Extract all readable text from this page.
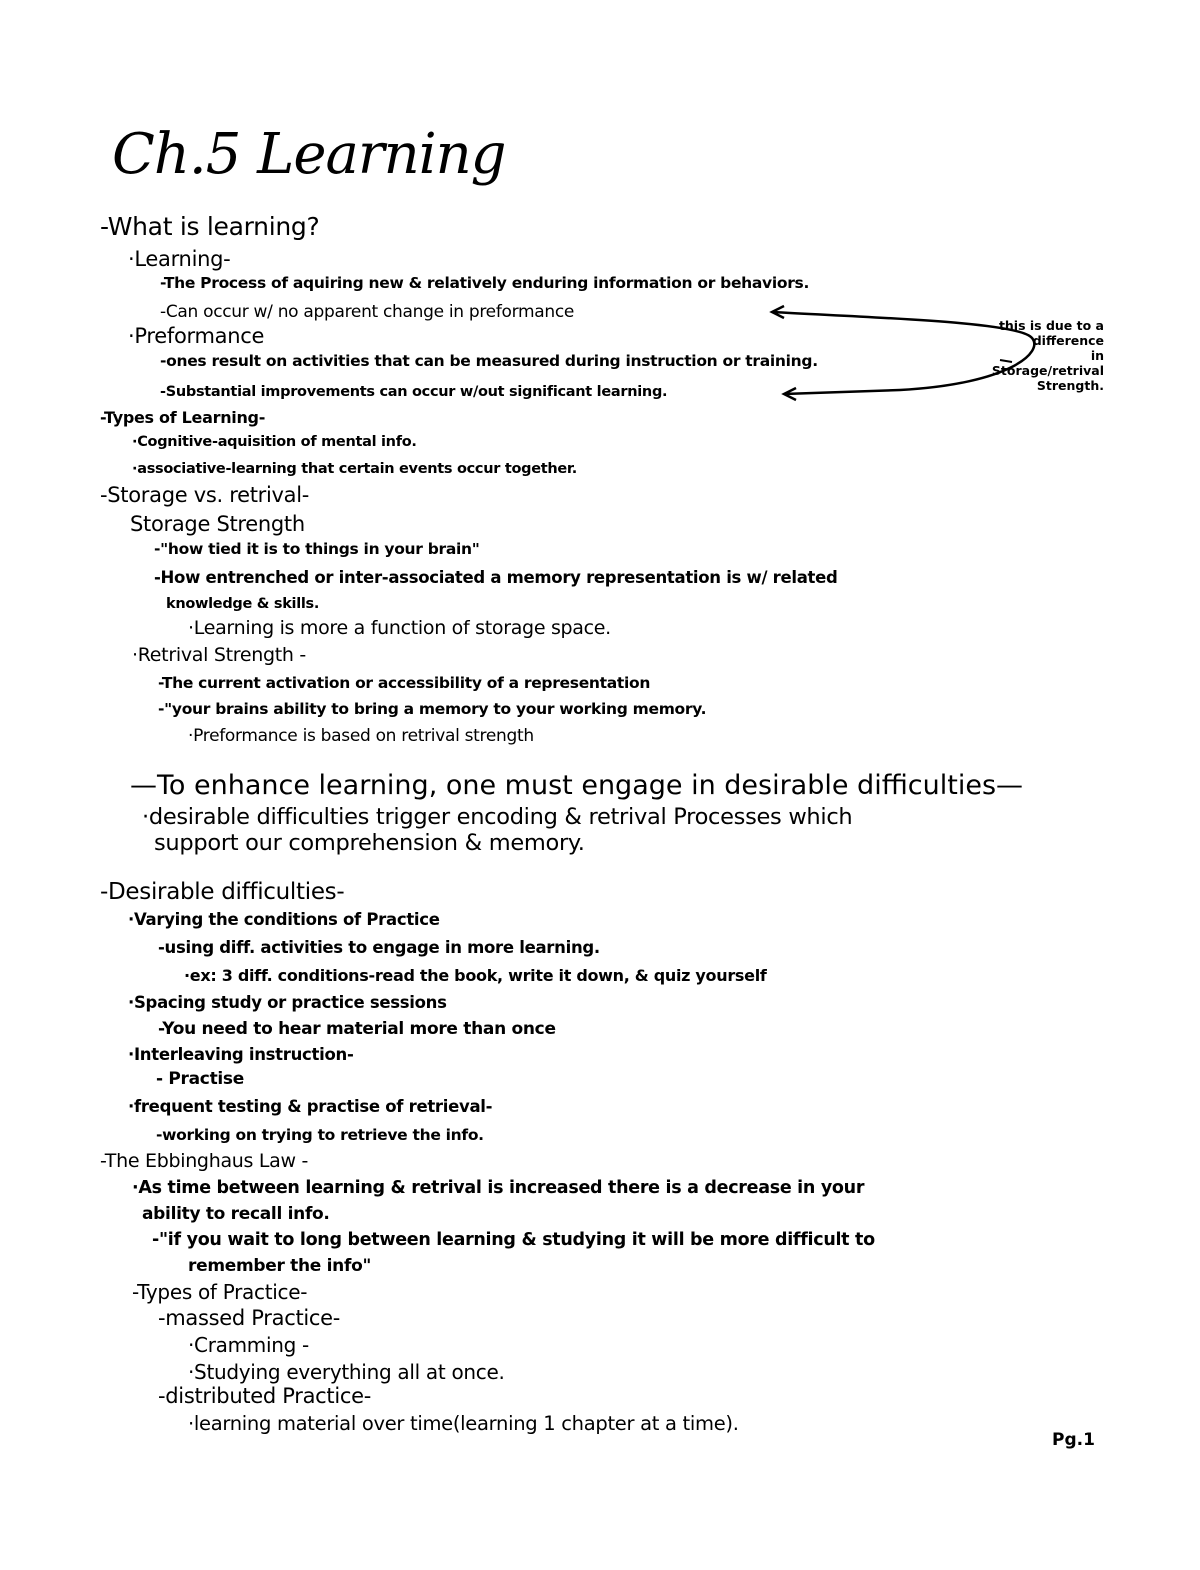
Ch.5 Learning
-What is learning?
·Learning-
-The Process of aquiring new & relatively enduring information or behaviors.
-Can occur w/ no apparent change in preformance
·Preformance
-ones result on activities that can be measured during instruction or training.
-Substantial improvements can occur w/out significant learning.
-Types of Learning-
·Cognitive-aquisition of mental info.
·associative-learning that certain events occur together.
-Storage vs. retrival-
Storage Strength
-"how tied it is to things in your brain"
-How entrenched or inter-associated a memory representation is w/ related
knowledge & skills.
·Learning is more a function of storage space.
·Retrival Strength -
-The current activation or accessibility of a representation
-"your brains ability to bring a memory to your working memory.
·Preformance is based on retrival strength
—To enhance learning, one must engage in desirable difficulties—
·desirable difficulties trigger encoding & retrival Processes which
support our comprehension & memory.
-Desirable difficulties-
·Varying the conditions of Practice
-using diff. activities to engage in more learning.
·ex: 3 diff. conditions-read the book, write it down, & quiz yourself
·Spacing study or practice sessions
-You need to hear material more than once
·Interleaving instruction-
- Practise
·frequent testing & practise of retrieval-
-working on trying to retrieve the info.
-The Ebbinghaus Law -
·As time between learning & retrival is increased there is a decrease in your
ability to recall info.
-"if you wait to long between learning & studying it will be more difficult to
remember the info"
-Types of Practice-
-massed Practice-
·Cramming -
·Studying everything all at once.
-distributed Practice-
·learning material over time(learning 1 chapter at a time).
this is due to a
difference
in
Storage/retrival
Strength.
Pg.1
